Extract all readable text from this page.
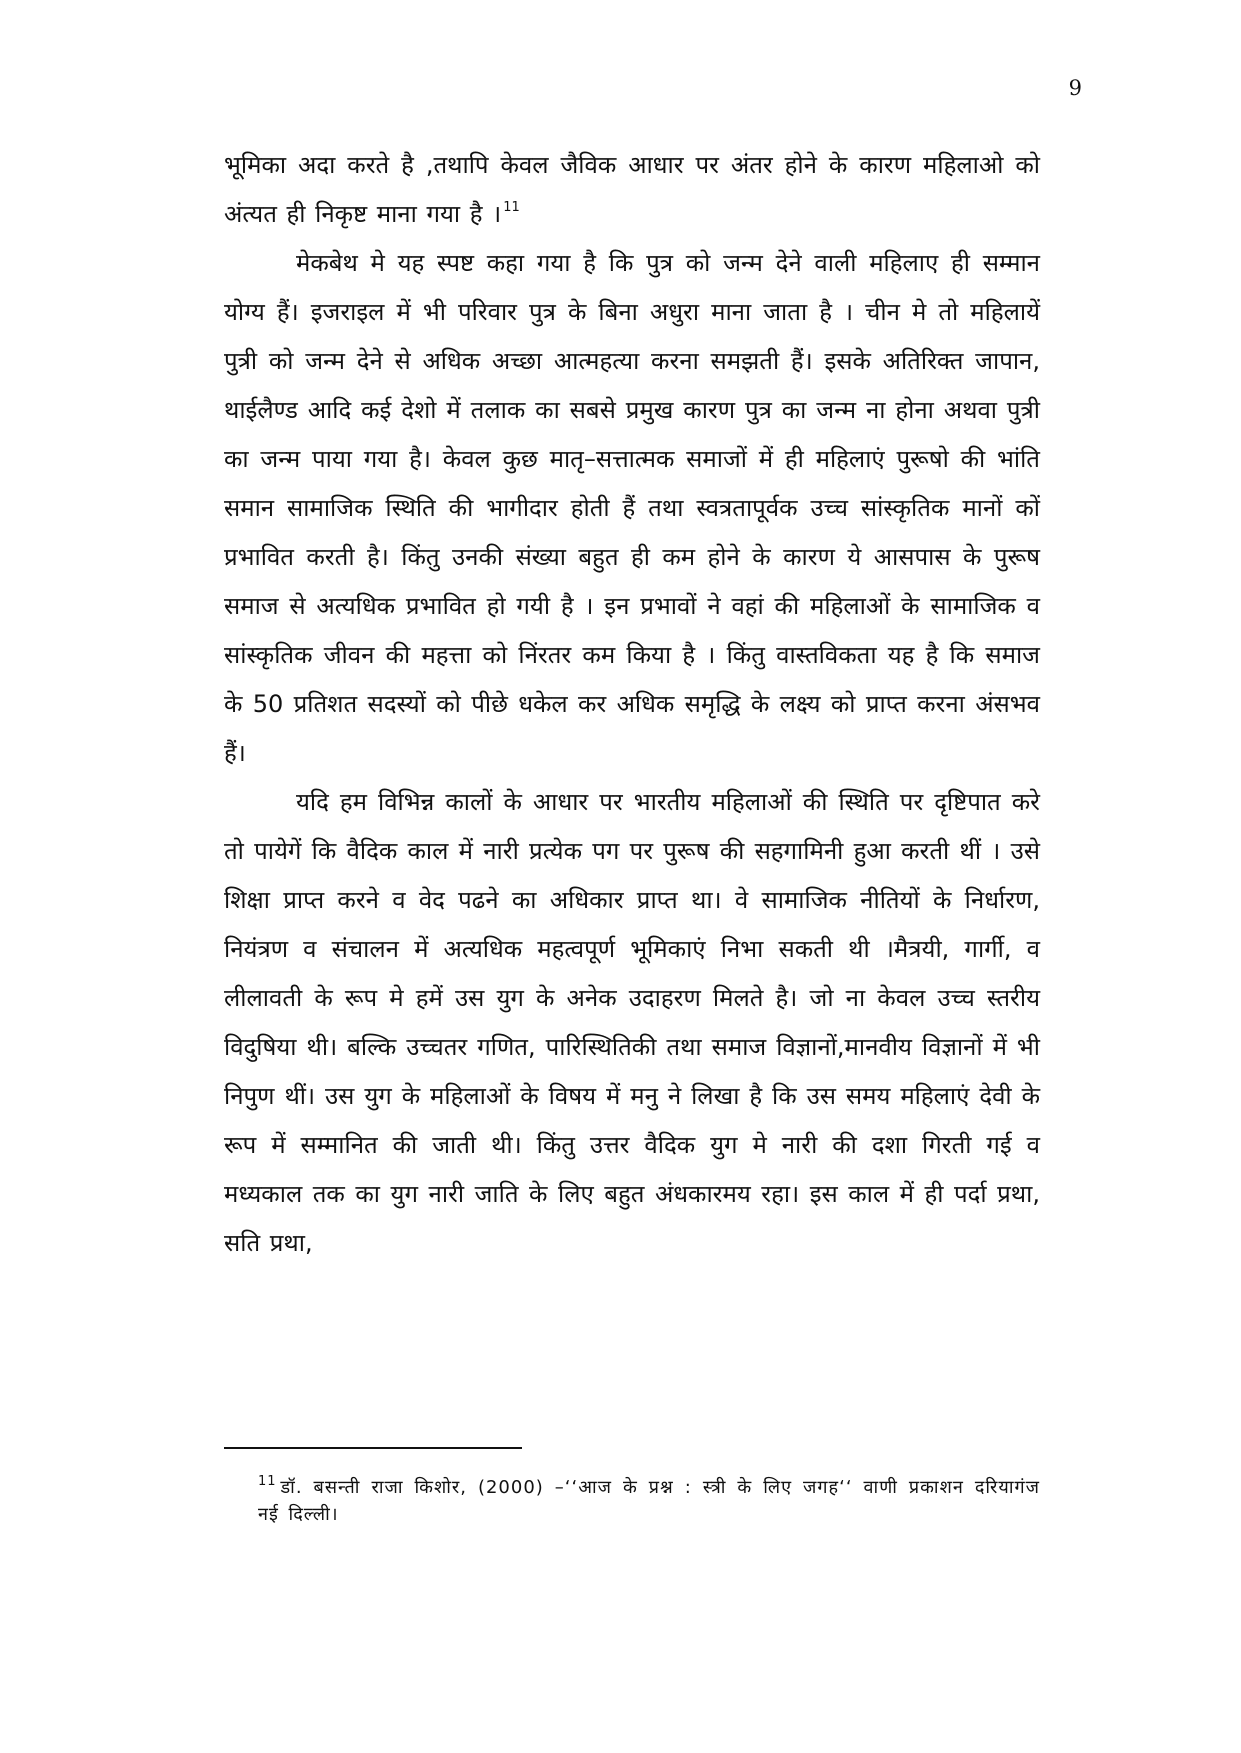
9

भूमिका अदा करते है ,तथापि केवल जैविक आधार पर अंतर होने के कारण महिलाओ को अंत्यत ही निकृष्ट माना गया है । $^{11}$

मेकबेथ मे यह स्पष्ट कहा गया है कि पुत्र को जन्म देने वाली महिलाए ही सम्मान योग्य हैं। इजराइल में भी परिवार पुत्र के बिना अधुरा माना जाता है । चीन मे तो महिलायें पुत्री को जन्म देने से अधिक अच्छा आत्महत्या करना समझती हैं। इसके अतिरिक्त जापान, थाईलैण्ड आदि कई देशो में तलाक का सबसे प्रमुख कारण पुत्र का जन्म ना होना अथवा पुत्री का जन्म पाया गया है। केवल कुछ मातृ–सत्तात्मक समाजों में ही महिलाएं पुरूषो की भांति समान सामाजिक स्थिति की भागीदार होती हैं तथा स्वत्रतापूर्वक उच्च सांस्कृतिक मानों कों प्रभावित करती है। किंतु उनकी संख्या बहुत ही कम होने के कारण ये आसपास के पुरूष समाज से अत्यधिक प्रभावित हो गयी है । इन प्रभावों ने वहां की महिलाओं के सामाजिक व सांस्कृतिक जीवन की महत्ता को निंरतर कम किया है । किंतु वास्तविकता यह है कि समाज के 50 प्रतिशत सदस्यों को पीछे धकेल कर अधिक समृद्धि के लक्ष्य को प्राप्त करना अंसभव हैं।

यदि हम विभिन्न कालों के आधार पर भारतीय महिलाओं की स्थिति पर दृष्टिपात करे तो पायेगें कि वैदिक काल में नारी प्रत्येक पग पर पुरूष की सहगामिनी हुआ करती थीं । उसे शिक्षा प्राप्त करने व वेद पढने का अधिकार प्राप्त था। वे सामाजिक नीतियों के निर्धारण, नियंत्रण व संचालन में अत्यधिक महत्वपूर्ण भूमिकाएं निभा सकती थी ।मैत्रयी, गार्गी, व लीलावती के रूप मे हमें उस युग के अनेक उदाहरण मिलते है। जो ना केवल उच्च स्तरीय विदुषिया थी। बल्कि उच्चतर गणित, पारिस्थितिकी तथा समाज विज्ञानों,मानवीय विज्ञानों में भी निपुण थीं। उस युग के महिलाओं के विषय में मनु ने लिखा है कि उस समय महिलाएं देवी के रूप में सम्मानित की जाती थी। किंतु उत्तर वैदिक युग मे नारी की दशा गिरती गई व मध्यकाल तक का युग नारी जाति के लिए बहुत अंधकारमय रहा। इस काल में ही पर्दा प्रथा, सति प्रथा,

$^{11}$ डॉ. बसन्ती राजा किशोर, (2000) –‘‘आज के प्रश्न : स्त्री के लिए जगह‘‘ वाणी प्रकाशन दरियागंज नई दिल्ली।
